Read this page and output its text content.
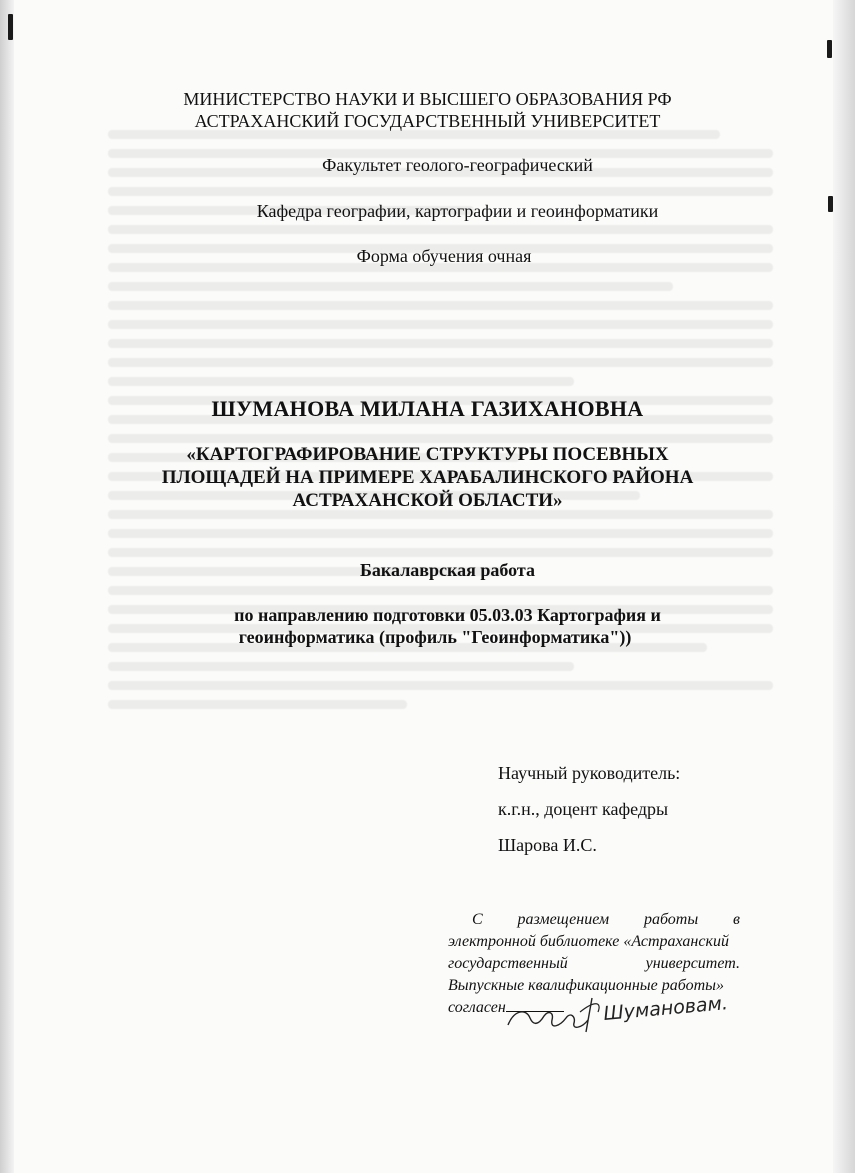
МИНИСТЕРСТВО НАУКИ И ВЫСШЕГО ОБРАЗОВАНИЯ РФ
АСТРАХАНСКИЙ ГОСУДАРСТВЕННЫЙ УНИВЕРСИТЕТ
Факультет геолого-географический
Кафедра географии, картографии и геоинформатики
Форма обучения очная
ШУМАНОВА МИЛАНА ГАЗИХАНОВНА
«КАРТОГРАФИРОВАНИЕ СТРУКТУРЫ ПОСЕВНЫХ
ПЛОЩАДЕЙ НА ПРИМЕРЕ ХАРАБАЛИНСКОГО РАЙОНА
АСТРАХАНСКОЙ ОБЛАСТИ»
Бакалаврская работа
по направлению подготовки 05.03.03 Картография и
геоинформатика (профиль "Геоинформатика"))
Научный руководитель:
к.г.н., доцент кафедры
Шарова И.С.
С размещением работы в
электронной библиотеке «Астраханский
государственный	университет.
Выпускные квалификационные работы»
согласен	Шумановам.
